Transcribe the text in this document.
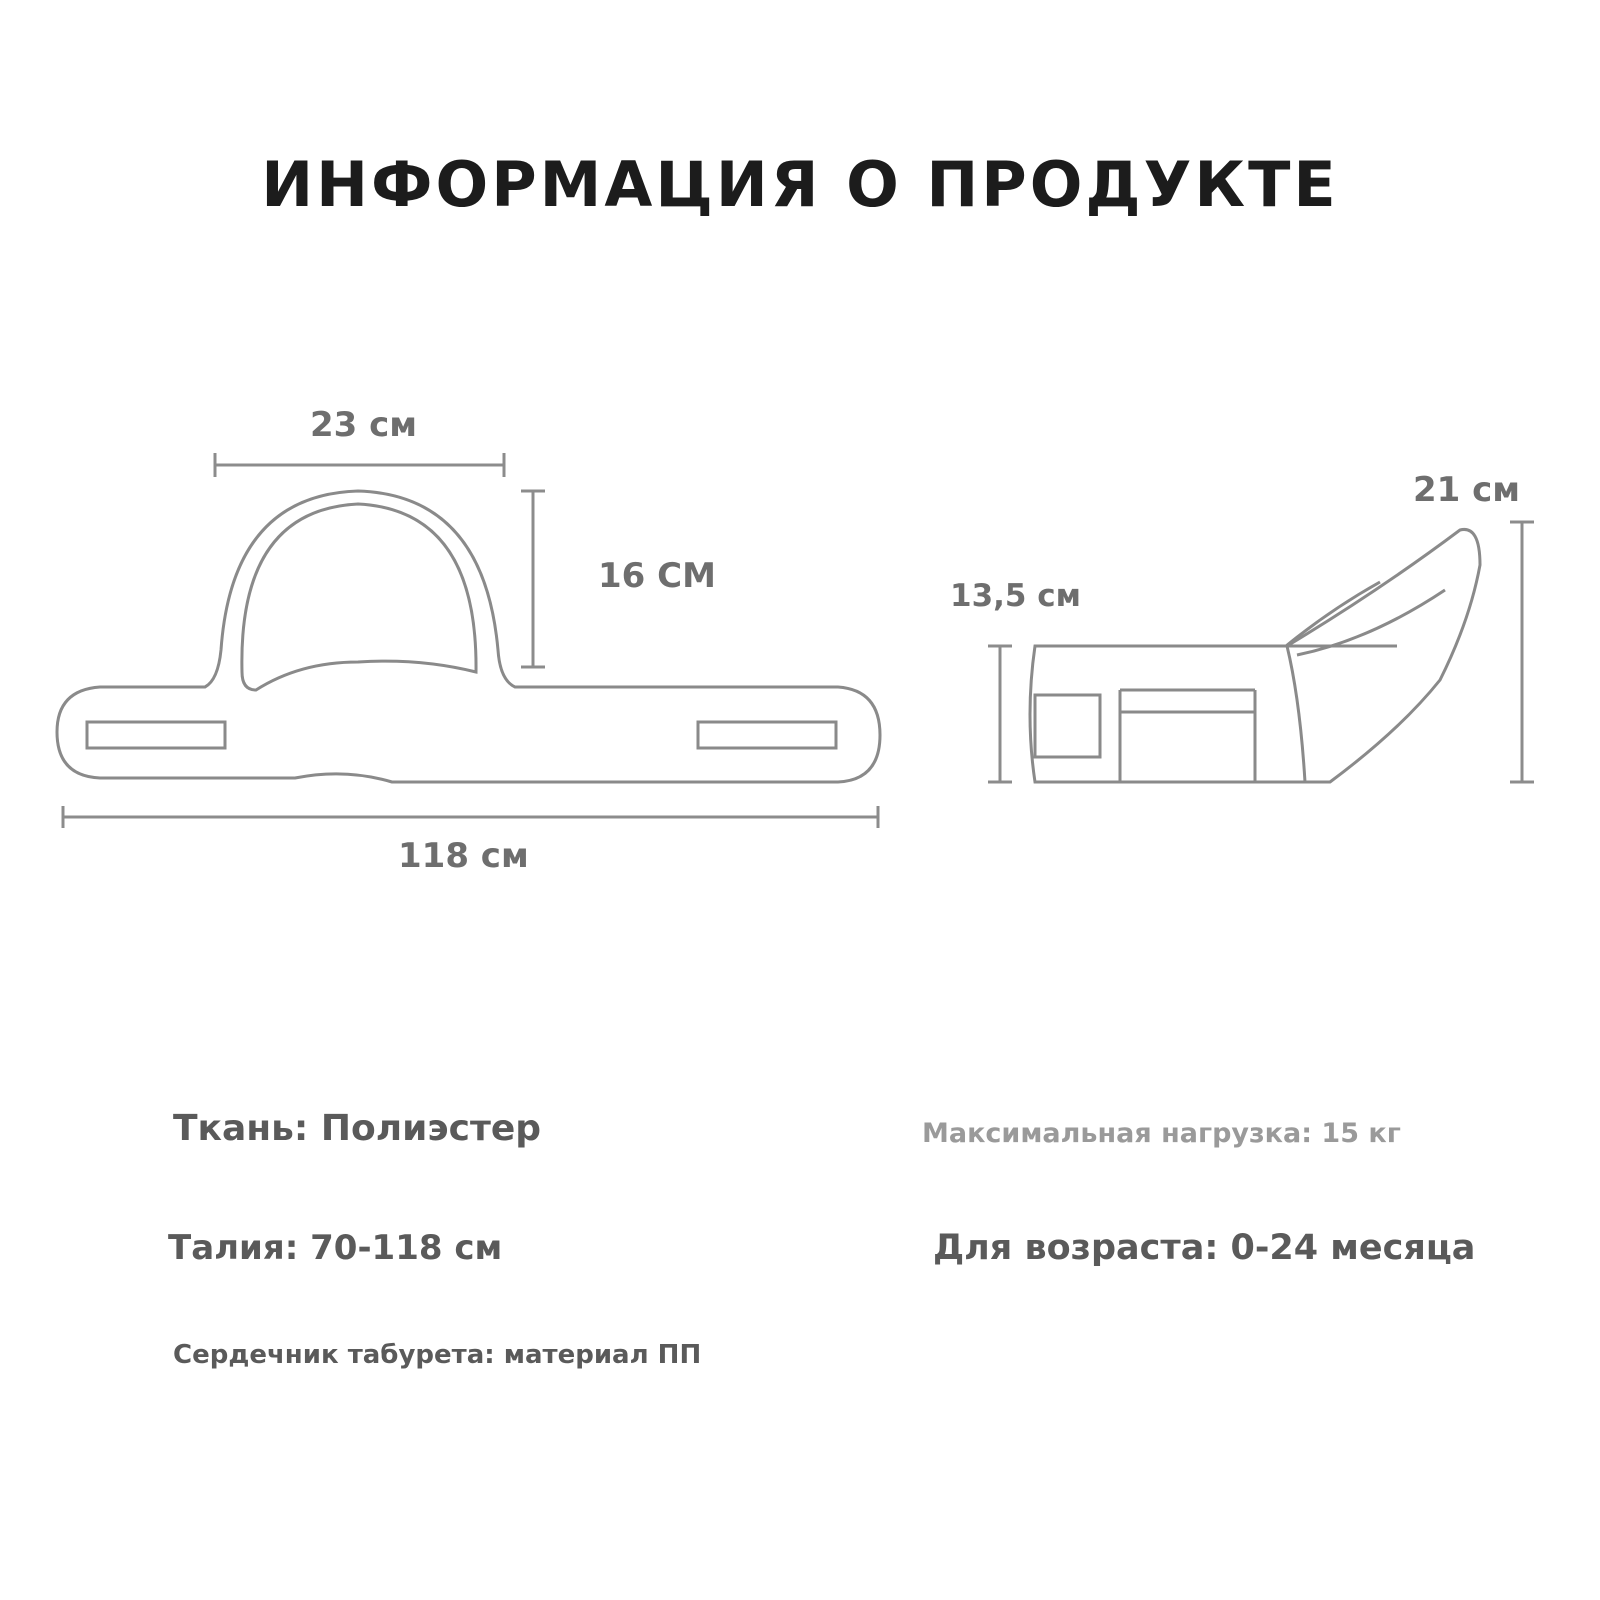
ИНФОРМАЦИЯ О ПРОДУКТЕ
23 см
16 СМ
118 см
13,5 см
21 см
Ткань: Полиэстер	Максимальная нагрузка: 15 кг
Талия: 70-118 см	Для возраста: 0-24 месяца
Сердечник табурета: материал ПП
